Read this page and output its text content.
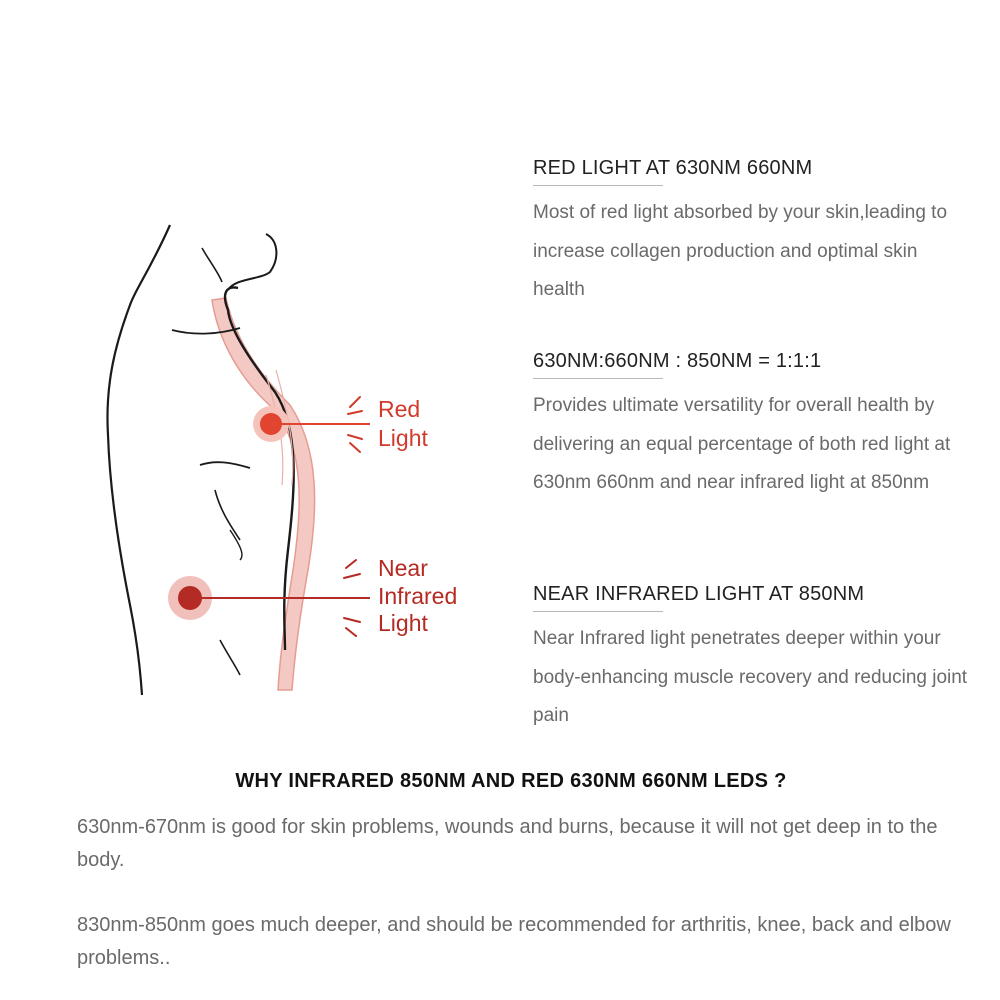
Red
Light
Near
Infrared
Light
RED LIGHT AT 630NM 660NM
Most of red light absorbed by your skin,leading to increase collagen production and optimal skin health
630NM:660NM : 850NM = 1:1:1
Provides ultimate versatility for overall health by delivering an equal percentage of both red light at 630nm 660nm and near infrared light at 850nm
NEAR INFRARED LIGHT AT 850NM
Near Infrared light penetrates deeper within your body-enhancing muscle recovery and reducing joint pain
WHY INFRARED 850NM AND RED 630NM 660NM LEDS ?
630nm-670nm is good for skin problems, wounds and burns, because it will not get deep in to the body.
830nm-850nm goes much deeper, and should be recommended for arthritis, knee, back and elbow problems..
